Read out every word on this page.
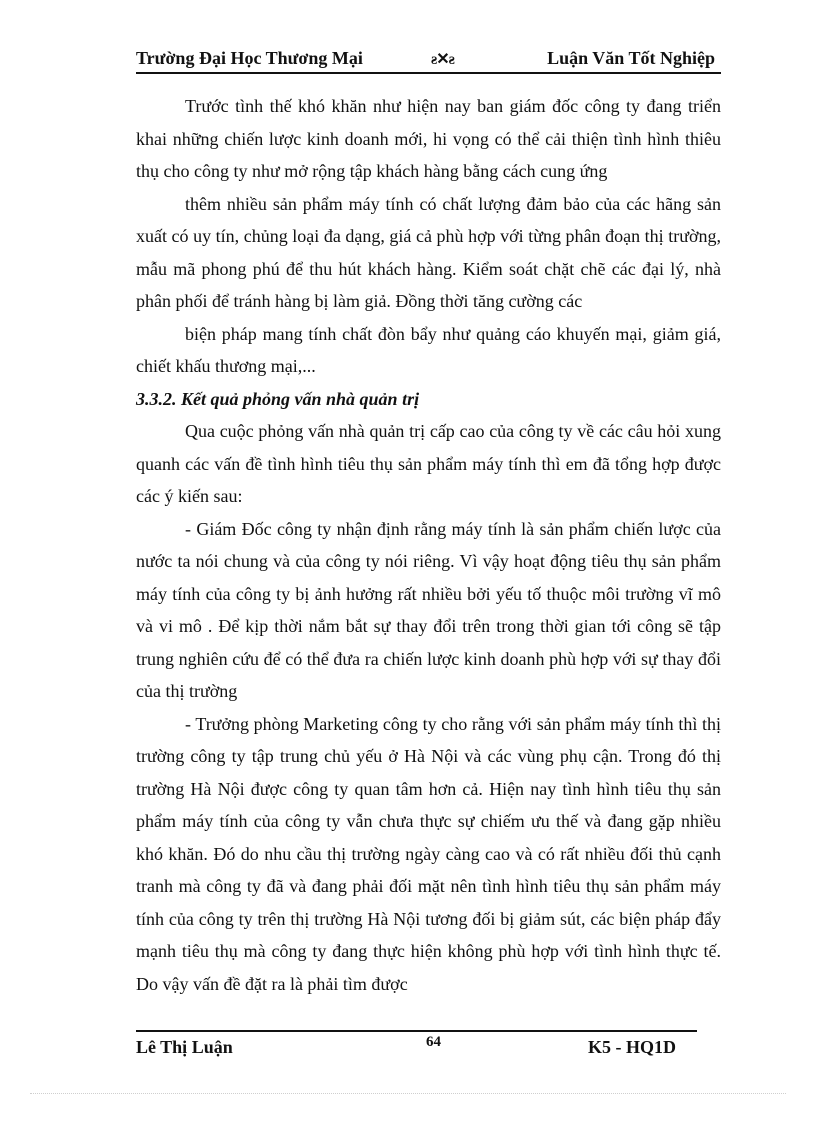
Trường Đại Học Thương Mại	ƨ✕ƨ	Luận Văn Tốt Nghiệp

Trước tình thế khó khăn như hiện nay ban giám đốc công ty đang triển khai những chiến lược kinh doanh mới, hi vọng có thể cải thiện tình hình thiêu thụ cho công ty như mở rộng tập khách hàng bằng cách cung ứng

thêm nhiều sản phẩm máy tính có chất lượng đảm bảo của các hãng sản xuất có uy tín, chủng loại đa dạng, giá cả phù hợp với từng phân đoạn thị trường, mẫu mã phong phú để thu hút khách hàng. Kiểm soát chặt chẽ các đại lý, nhà phân phối để tránh hàng bị làm giả. Đồng thời tăng cường các

biện pháp mang tính chất đòn bẩy như quảng cáo khuyến mại, giảm giá, chiết khấu thương mại,...

3.3.2. Kết quả phỏng vấn nhà quản trị

Qua cuộc phỏng vấn nhà quản trị cấp cao của công ty về các câu hỏi xung quanh các vấn đề tình hình tiêu thụ sản phẩm máy tính thì em đã tổng hợp được các ý kiến sau:

- Giám Đốc công ty nhận định rằng máy tính là sản phẩm chiến lược của nước ta nói chung và của công ty nói riêng. Vì vậy hoạt động tiêu thụ sản phẩm máy tính của công ty bị ảnh hưởng rất nhiều bởi yếu tố thuộc môi trường vĩ mô và vi mô . Để kịp thời nắm bắt sự thay đổi trên trong thời gian tới công sẽ tập trung nghiên cứu để có thể đưa ra chiến lược kinh doanh phù hợp với sự thay đổi của thị trường

- Trưởng phòng Marketing công ty cho rằng với sản phẩm máy tính thì thị trường công ty tập trung chủ yếu ở Hà Nội và các vùng phụ cận. Trong đó thị trường Hà Nội được công ty quan tâm hơn cả. Hiện nay tình hình tiêu thụ sản phẩm máy tính của công ty vẫn chưa thực sự chiếm ưu thế và đang gặp nhiều khó khăn. Đó do nhu cầu thị trường ngày càng cao và có rất nhiều đối thủ cạnh tranh mà công ty đã và đang phải đối mặt nên tình hình tiêu thụ sản phẩm máy tính của công ty trên thị trường Hà Nội tương đối bị giảm sút, các biện pháp đẩy mạnh tiêu thụ mà công ty đang thực hiện không phù hợp với tình hình thực tế. Do vậy vấn đề đặt ra là phải tìm được

Lê Thị Luận	64	K5 - HQ1D
